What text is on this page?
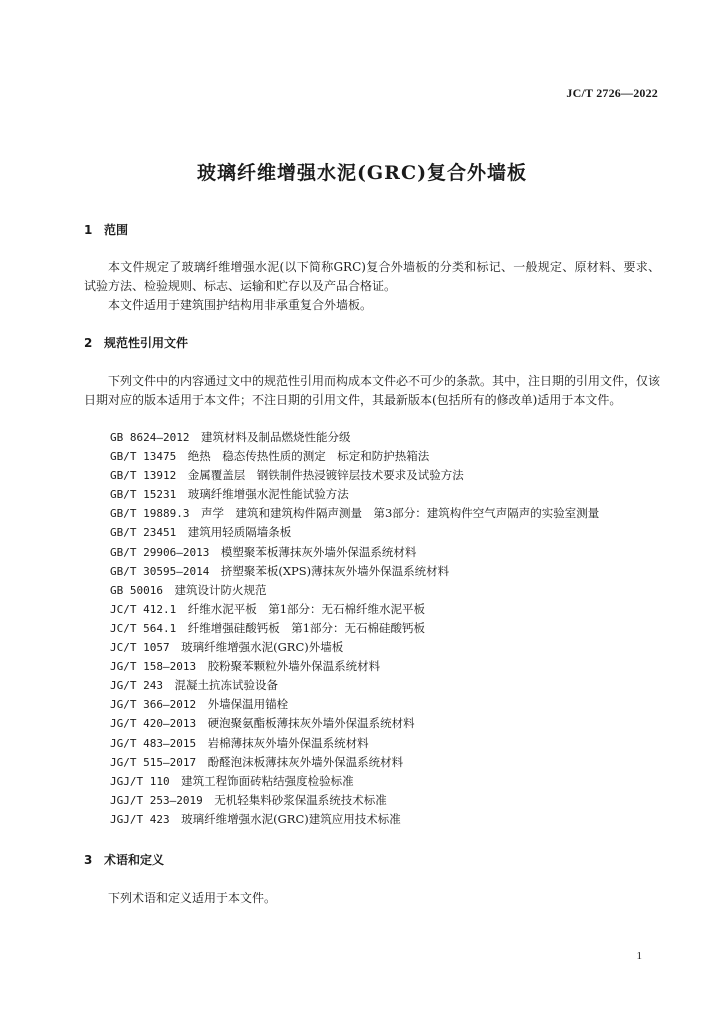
JC/T 2726—2022
玻璃纤维增强水泥(GRC)复合外墙板
1 范围
本文件规定了玻璃纤维增强水泥(以下简称GRC)复合外墙板的分类和标记、一般规定、原材料、要求、试验方法、检验规则、标志、运输和贮存以及产品合格证。
本文件适用于建筑围护结构用非承重复合外墙板。
2 规范性引用文件
下列文件中的内容通过文中的规范性引用而构成本文件必不可少的条款。其中，注日期的引用文件，仅该日期对应的版本适用于本文件；不注日期的引用文件，其最新版本(包括所有的修改单)适用于本文件。
GB 8624—2012　 建筑材料及制品燃烧性能分级
GB/T 13475　 绝热　稳态传热性质的测定　标定和防护热箱法
GB/T 13912　 金属覆盖层　钢铁制件热浸镀锌层技术要求及试验方法
GB/T 15231　 玻璃纤维增强水泥性能试验方法
GB/T 19889.3　 声学　建筑和建筑构件隔声测量　第3部分：建筑构件空气声隔声的实验室测量
GB/T 23451　 建筑用轻质隔墙条板
GB/T 29906—2013　 模塑聚苯板薄抹灰外墙外保温系统材料
GB/T 30595—2014　 挤塑聚苯板(XPS)薄抹灰外墙外保温系统材料
GB 50016　 建筑设计防火规范
JC/T 412.1　 纤维水泥平板　第1部分：无石棉纤维水泥平板
JC/T 564.1　 纤维增强硅酸钙板　第1部分：无石棉硅酸钙板
JC/T 1057　 玻璃纤维增强水泥(GRC)外墙板
JG/T 158—2013　 胶粉聚苯颗粒外墙外保温系统材料
JG/T 243　 混凝土抗冻试验设备
JG/T 366—2012　 外墙保温用锚栓
JG/T 420—2013　 硬泡聚氨酯板薄抹灰外墙外保温系统材料
JG/T 483—2015　 岩棉薄抹灰外墙外保温系统材料
JG/T 515—2017　 酚醛泡沫板薄抹灰外墙外保温系统材料
JGJ/T 110　 建筑工程饰面砖粘结强度检验标准
JGJ/T 253—2019　 无机轻集料砂浆保温系统技术标准
JGJ/T 423　 玻璃纤维增强水泥(GRC)建筑应用技术标准
3 术语和定义
下列术语和定义适用于本文件。
1
